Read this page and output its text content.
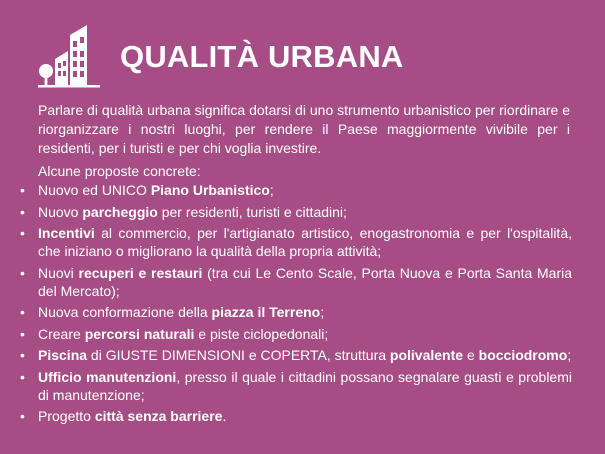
QUALITÀ URBANA
Parlare di qualità urbana significa dotarsi di uno strumento urbanistico per riordinare e riorganizzare i nostri luoghi, per rendere il Paese maggiormente vivibile per i residenti, per i turisti e per chi voglia investire.
Alcune proposte concrete:
• Nuovo ed UNICO Piano Urbanistico;
• Nuovo parcheggio per residenti, turisti e cittadini;
• Incentivi al commercio, per l'artigianato artistico, enogastronomia e per l'ospitalità, che iniziano o migliorano la qualità della propria attività;
• Nuovi recuperi e restauri (tra cui Le Cento Scale, Porta Nuova e Porta Santa Maria del Mercato);
• Nuova conformazione della piazza il Terreno;
• Creare percorsi naturali e piste ciclopedonali;
• Piscina di GIUSTE DIMENSIONI e COPERTA, struttura polivalente e bocciodromo;
• Ufficio manutenzioni, presso il quale i cittadini possano segnalare guasti e problemi di manutenzione;
• Progetto città senza barriere.
